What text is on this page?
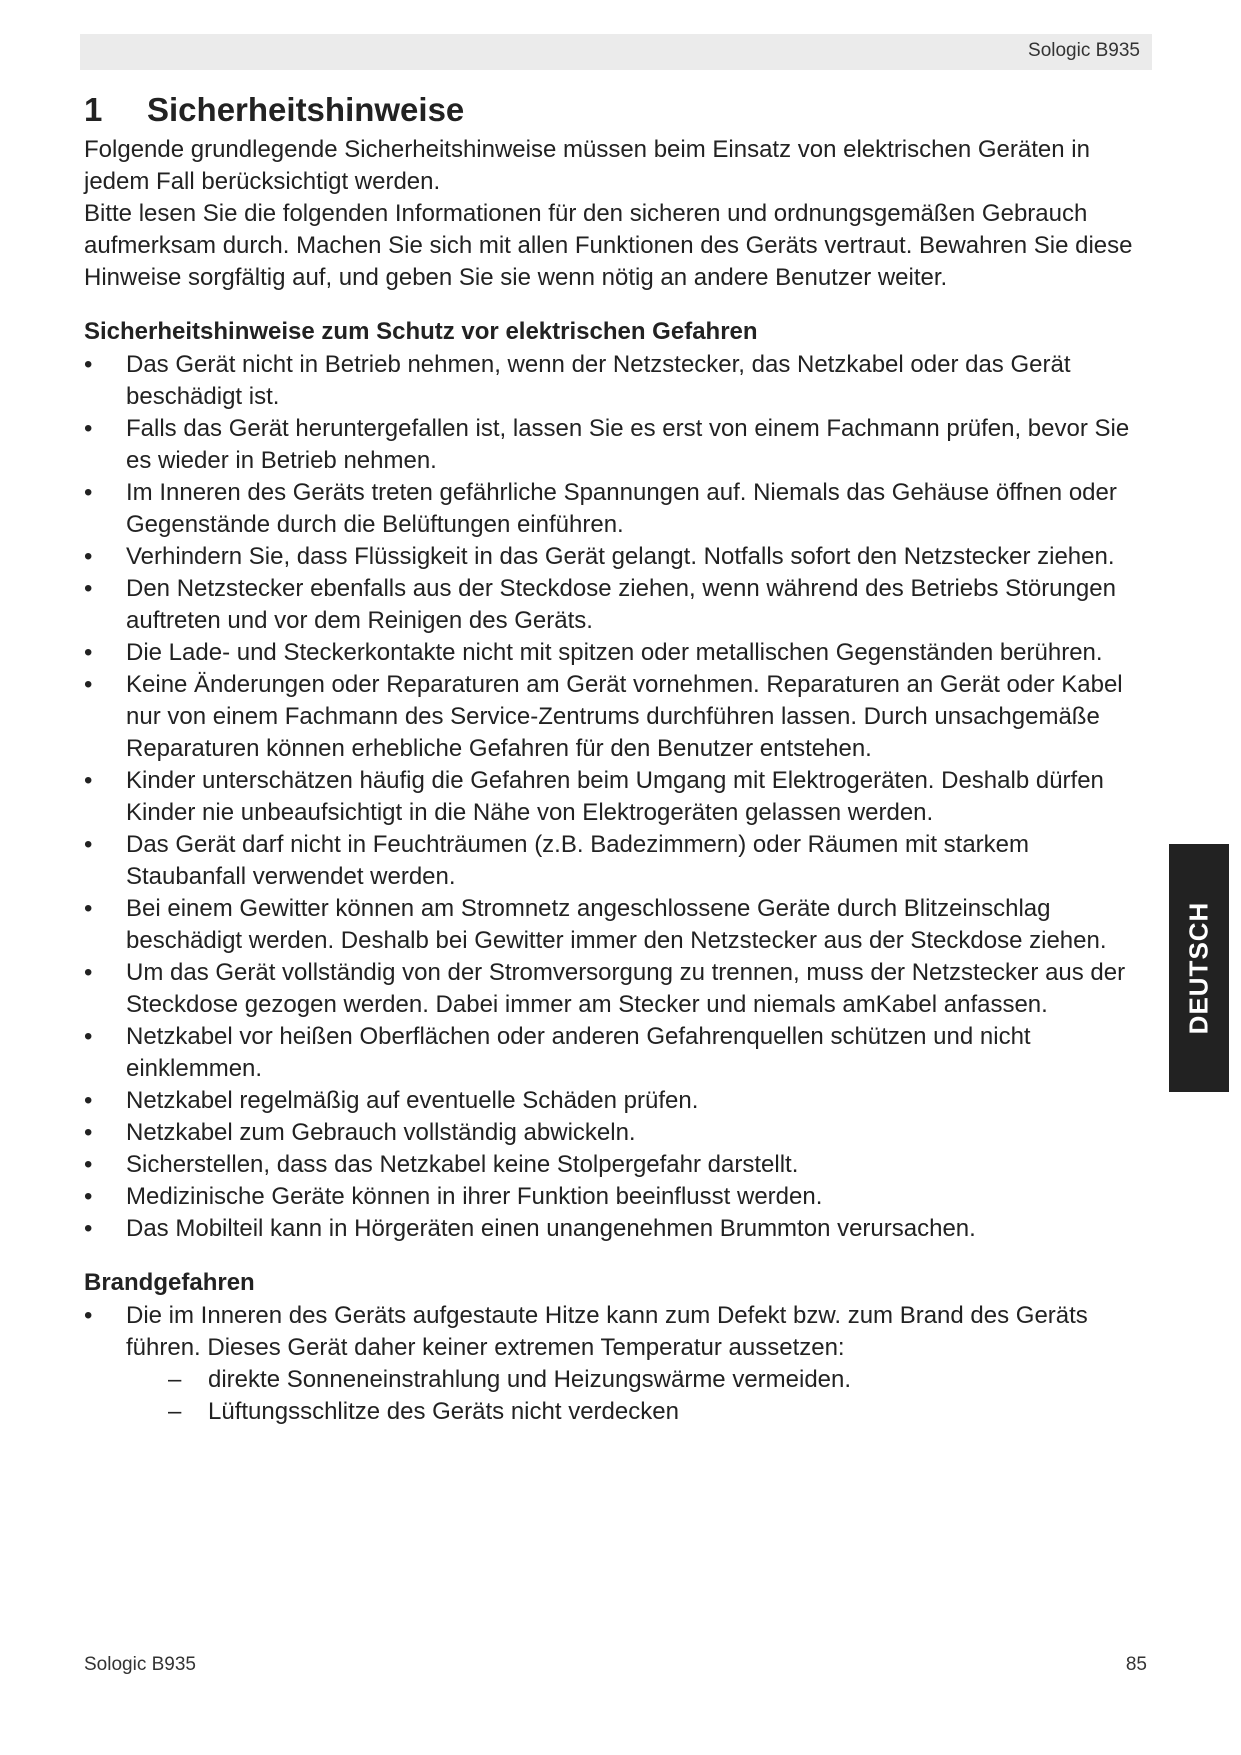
Sologic B935
1 Sicherheitshinweise

Folgende grundlegende Sicherheitshinweise müssen beim Einsatz von elektrischen Geräten in jedem Fall berücksichtigt werden.

Bitte lesen Sie die folgenden Informationen für den sicheren und ordnungsgemäßen Gebrauch aufmerksam durch. Machen Sie sich mit allen Funktionen des Geräts vertraut. Bewahren Sie diese Hinweise sorgfältig auf, und geben Sie sie wenn nötig an andere Benutzer weiter.

Sicherheitshinweise zum Schutz vor elektrischen Gefahren
•	Das Gerät nicht in Betrieb nehmen, wenn der Netzstecker, das Netzkabel oder das Gerät beschädigt ist.
•	Falls das Gerät heruntergefallen ist, lassen Sie es erst von einem Fachmann prüfen, bevor Sie es wieder in Betrieb nehmen.
•	Im Inneren des Geräts treten gefährliche Spannungen auf. Niemals das Gehäuse öffnen oder Gegenstände durch die Belüftungen einführen.
•	Verhindern Sie, dass Flüssigkeit in das Gerät gelangt. Notfalls sofort den Netzstecker ziehen.
•	Den Netzstecker ebenfalls aus der Steckdose ziehen, wenn während des Betriebs Störungen auftreten und vor dem Reinigen des Geräts.
•	Die Lade- und Steckerkontakte nicht mit spitzen oder metallischen Gegenständen berühren.
•	Keine Änderungen oder Reparaturen am Gerät vornehmen. Reparaturen an Gerät oder Kabel nur von einem Fachmann des Service-Zentrums durchführen lassen. Durch unsachgemäße Reparaturen können erhebliche Gefahren für den Benutzer entstehen.
•	Kinder unterschätzen häufig die Gefahren beim Umgang mit Elektrogeräten. Deshalb dürfen Kinder nie unbeaufsichtigt in die Nähe von Elektrogeräten gelassen werden.
•	Das Gerät darf nicht in Feuchträumen (z.B. Badezimmern) oder Räumen mit starkem Staubanfall verwendet werden.
•	Bei einem Gewitter können am Stromnetz angeschlossene Geräte durch Blitzeinschlag beschädigt werden. Deshalb bei Gewitter immer den Netzstecker aus der Steckdose ziehen.
•	Um das Gerät vollständig von der Stromversorgung zu trennen, muss der Netzstecker aus der Steckdose gezogen werden. Dabei immer am Stecker und niemals amKabel anfassen.
•	Netzkabel vor heißen Oberflächen oder anderen Gefahrenquellen schützen und nicht einklemmen.
•	Netzkabel regelmäßig auf eventuelle Schäden prüfen.
•	Netzkabel zum Gebrauch vollständig abwickeln.
•	Sicherstellen, dass das Netzkabel keine Stolpergefahr darstellt.
•	Medizinische Geräte können in ihrer Funktion beeinflusst werden.
•	Das Mobilteil kann in Hörgeräten einen unangenehmen Brummton verursachen.
Brandgefahren
•	Die im Inneren des Geräts aufgestaute Hitze kann zum Defekt bzw. zum Brand des Geräts führen. Dieses Gerät daher keiner extremen Temperatur aussetzen:
– direkte Sonneneinstrahlung und Heizungswärme vermeiden.
– Lüftungsschlitze des Geräts nicht verdecken
DEUTSCH
Sologic B935	85
